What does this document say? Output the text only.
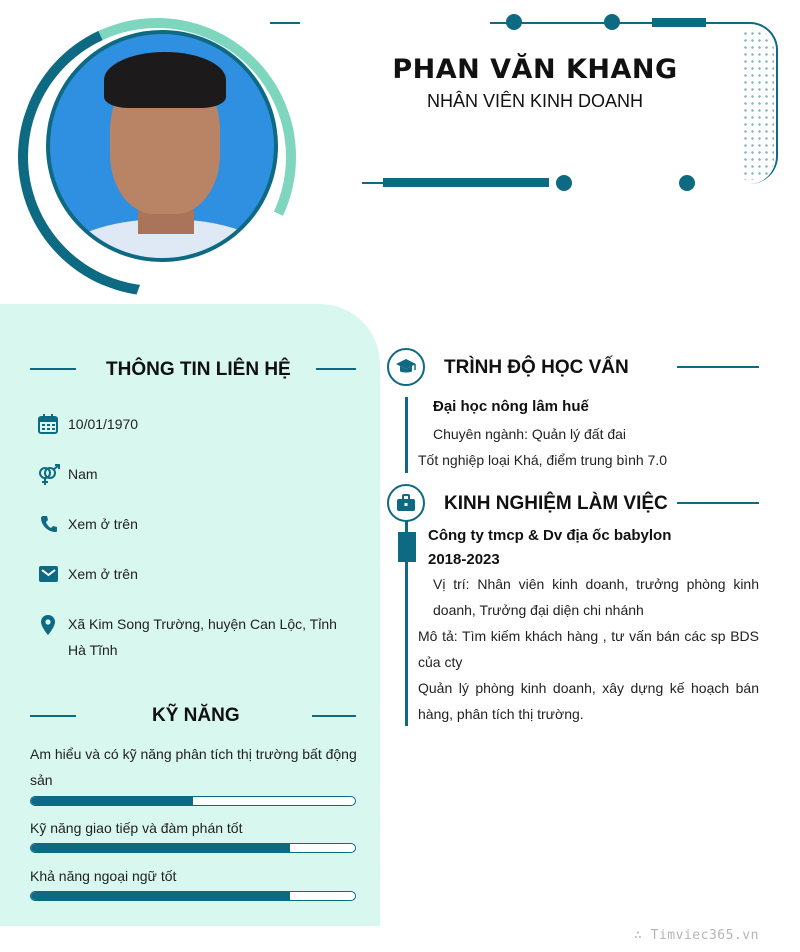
PHAN VĂN KHANG
NHÂN VIÊN KINH DOANH
THÔNG TIN LIÊN HỆ
10/01/1970
Nam
Xem ở trên
Xem ở trên
Xã Kim Song Trường, huyện Can Lộc, Tỉnh Hà Tĩnh
KỸ NĂNG
Am hiểu và có kỹ năng phân tích thị trường bất động sản
Kỹ năng giao tiếp và đàm phán tốt
Khả năng ngoại ngữ tốt
TRÌNH ĐỘ HỌC VẤN
Đại học nông lâm huế
Chuyên ngành: Quản lý đất đai
Tốt nghiệp loại Khá, điểm trung bình 7.0
KINH NGHIỆM LÀM VIỆC
Công ty tmcp & Dv địa ốc babylon
2018-2023
Vị trí: Nhân viên kinh doanh, trưởng phòng kinh doanh, Trưởng đại diện chi nhánh
Mô tả: Tìm kiếm khách hàng , tư vấn bán các sp BDS của cty
Quản lý phòng kinh doanh, xây dựng kế hoạch bán hàng, phân tích thị trường.
∴ Timviec365.vn
